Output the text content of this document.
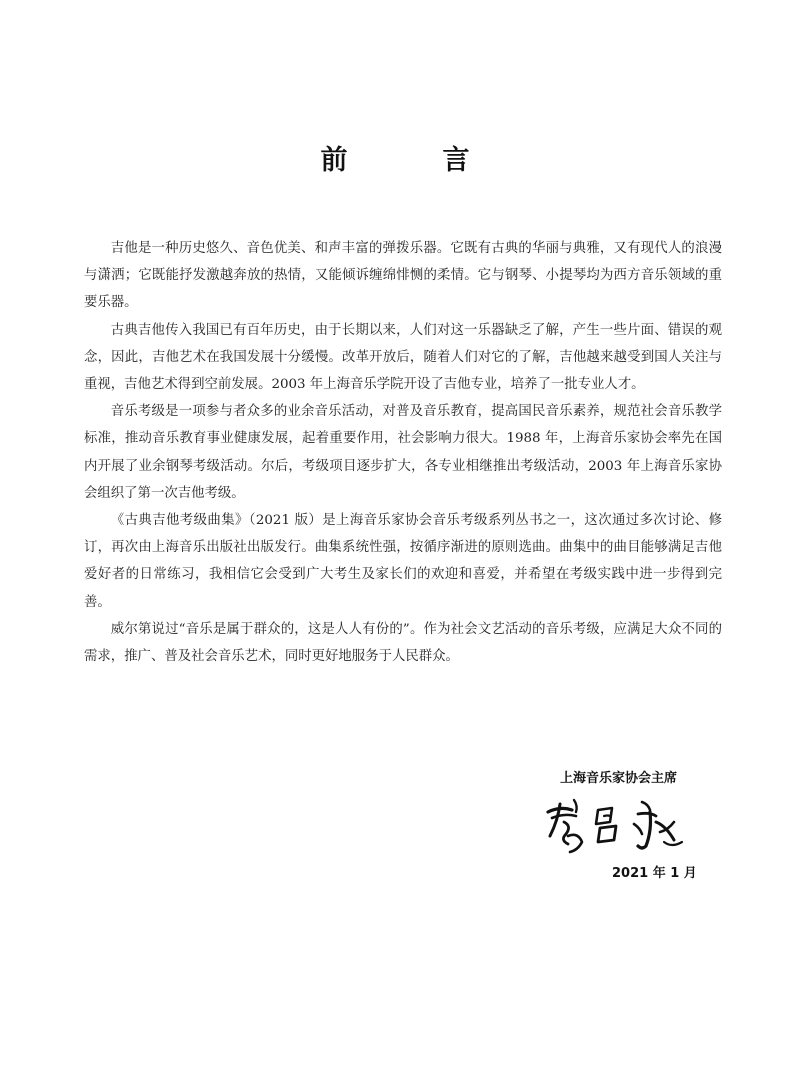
前　言

吉他是一种历史悠久、音色优美、和声丰富的弹拨乐器。它既有古典的华丽与典雅，又有现代人的浪漫与潇洒；它既能抒发激越奔放的热情，又能倾诉缠绵悱恻的柔情。它与钢琴、小提琴均为西方音乐领域的重要乐器。

古典吉他传入我国已有百年历史，由于长期以来，人们对这一乐器缺乏了解，产生一些片面、错误的观念，因此，吉他艺术在我国发展十分缓慢。改革开放后，随着人们对它的了解，吉他越来越受到国人关注与重视，吉他艺术得到空前发展。2003 年上海音乐学院开设了吉他专业，培养了一批专业人才。

音乐考级是一项参与者众多的业余音乐活动，对普及音乐教育，提高国民音乐素养，规范社会音乐教学标准，推动音乐教育事业健康发展，起着重要作用，社会影响力很大。1988 年，上海音乐家协会率先在国内开展了业余钢琴考级活动。尔后，考级项目逐步扩大，各专业相继推出考级活动，2003 年上海音乐家协会组织了第一次吉他考级。

《古典吉他考级曲集》（2021 版）是上海音乐家协会音乐考级系列丛书之一，这次通过多次讨论、修订，再次由上海音乐出版社出版发行。曲集系统性强，按循序渐进的原则选曲。曲集中的曲目能够满足吉他爱好者的日常练习，我相信它会受到广大考生及家长们的欢迎和喜爱，并希望在考级实践中进一步得到完善。

威尔第说过“音乐是属于群众的，这是人人有份的”。作为社会文艺活动的音乐考级，应满足大众不同的需求，推广、普及社会音乐艺术，同时更好地服务于人民群众。

上海音乐家协会主席
2021 年 1 月
